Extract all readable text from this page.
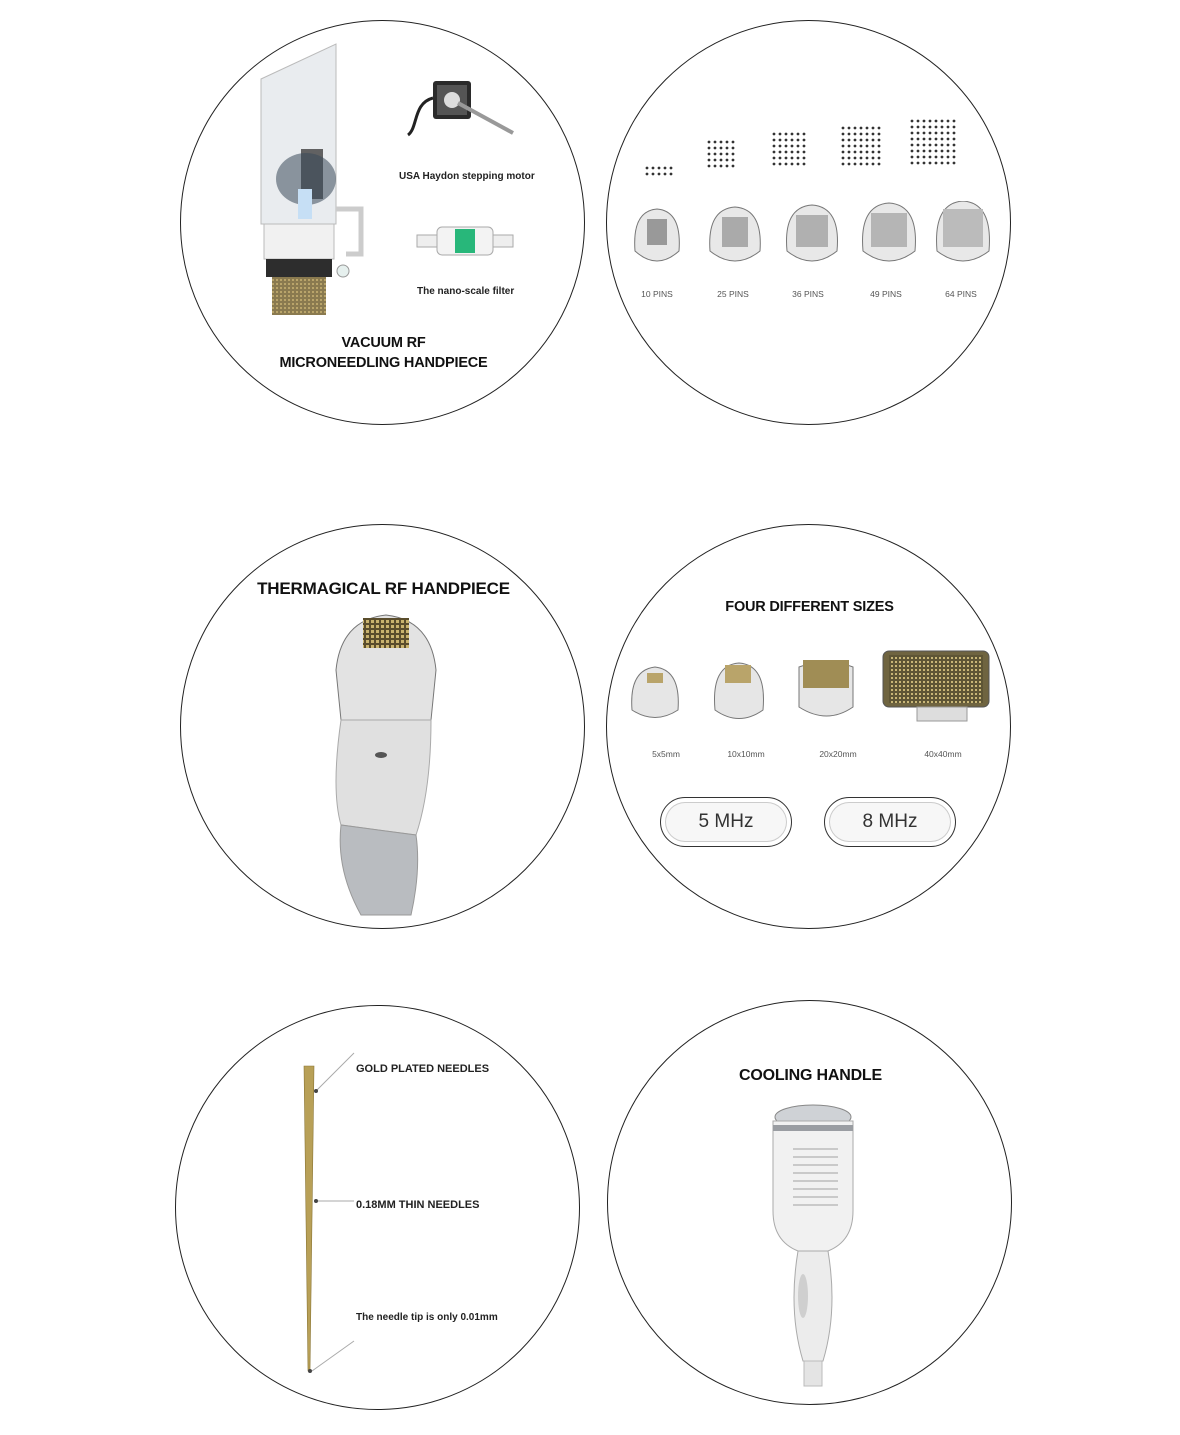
USA Haydon stepping motor
The nano-scale filter
VACUUM RF
MICRONEEDLING HANDPIECE
10 PINS	25 PINS	36 PINS	49 PINS	64 PINS
THERMAGICAL RF HANDPIECE
FOUR DIFFERENT SIZES
5x5mm	10x10mm	20x20mm	40x40mm
5 MHz	8 MHz
GOLD PLATED NEEDLES
0.18MM THIN NEEDLES
The needle tip is only 0.01mm
COOLING HANDLE
